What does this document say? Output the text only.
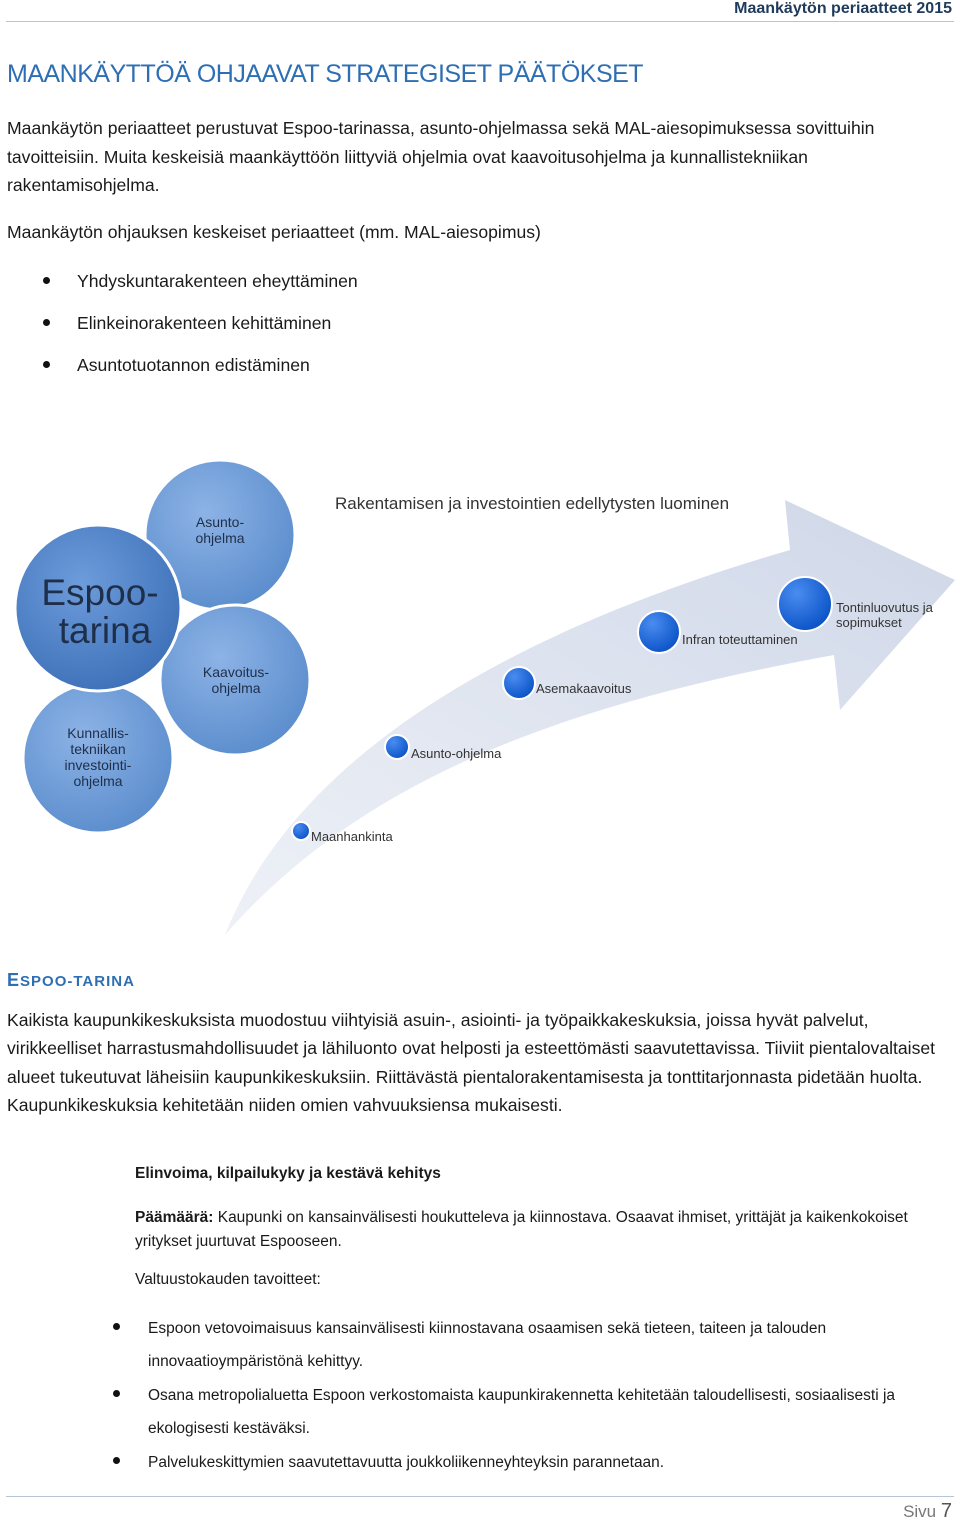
Maankäytön periaatteet 2015
MAANKÄYTTÖÄ OHJAAVAT STRATEGISET PÄÄTÖKSET
Maankäytön periaatteet perustuvat Espoo-tarinassa, asunto-ohjelmassa sekä MAL-aiesopimuksessa sovittuihin tavoitteisiin. Muita keskeisiä maankäyttöön liittyviä ohjelmia ovat kaavoitusohjelma ja kunnallistekniikan rakentamisohjelma.
Maankäytön ohjauksen keskeiset periaatteet (mm. MAL-aiesopimus)
Yhdyskuntarakenteen eheyttäminen
Elinkeinorakenteen kehittäminen
Asuntotuotannon edistäminen
Espoo-
tarina
Asunto-
ohjelma
Kaavoitus-
ohjelma
Kunnallis-
tekniikan
investointi-
ohjelma
Rakentamisen ja investointien edellytysten luominen
Maanhankinta
Asunto-ohjelma
Asemakaavoitus
Infran toteuttaminen
Tontinluovutus ja
sopimukset
ESPOO-TARINA
Kaikista kaupunkikeskuksista muodostuu viihtyisiä asuin-, asiointi- ja työpaikkakeskuksia, joissa hyvät palvelut, virikkeelliset harrastusmahdollisuudet ja lähiluonto ovat helposti ja esteettömästi saavutettavissa. Tiiviit pientalovaltaiset alueet tukeutuvat läheisiin kaupunkikeskuksiin. Riittävästä pientalorakentamisesta ja tonttitarjonnasta pidetään huolta. Kaupunkikeskuksia kehitetään niiden omien vahvuuksiensa mukaisesti.
Elinvoima, kilpailukyky ja kestävä kehitys
Päämäärä: Kaupunki on kansainvälisesti houkutteleva ja kiinnostava. Osaavat ihmiset, yrittäjät ja kaikenkokoiset yritykset juurtuvat Espooseen.
Valtuustokauden tavoitteet:
Espoon vetovoimaisuus kansainvälisesti kiinnostavana osaamisen sekä tieteen, taiteen ja talouden innovaatioympäristönä kehittyy.
Osana metropolialuetta Espoon verkostomaista kaupunkirakennetta kehitetään taloudellisesti, sosiaalisesti ja ekologisesti kestäväksi.
Palvelukeskittymien saavutettavuutta joukkoliikenneyhteyksin parannetaan.
Sivu 7
